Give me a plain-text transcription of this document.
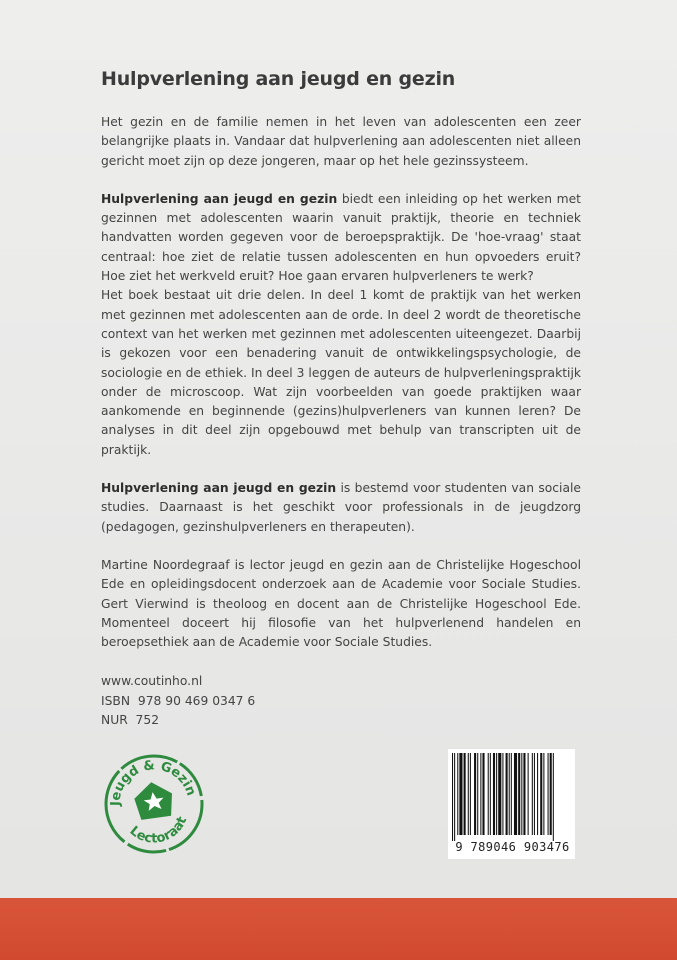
Hulpverlening aan jeugd en gezin

Het gezin en de familie nemen in het leven van adolescenten een zeer belangrijke plaats in. Vandaar dat hulpverlening aan adolescenten niet alleen gericht moet zijn op deze jongeren, maar op het hele gezinssysteem.

Hulpverlening aan jeugd en gezin biedt een inleiding op het werken met gezinnen met adolescenten waarin vanuit praktijk, theorie en techniek handvatten worden gegeven voor de beroepspraktijk. De 'hoe-vraag' staat centraal: hoe ziet de relatie tussen adolescenten en hun opvoeders eruit? Hoe ziet het werkveld eruit? Hoe gaan ervaren hulpverleners te werk?

Het boek bestaat uit drie delen. In deel 1 komt de praktijk van het werken met gezinnen met adolescenten aan de orde. In deel 2 wordt de theoretische context van het werken met gezinnen met adolescenten uiteengezet. Daarbij is gekozen voor een benadering vanuit de ontwikkelingspsychologie, de sociologie en de ethiek. In deel 3 leggen de auteurs de hulpverleningspraktijk onder de microscoop. Wat zijn voorbeelden van goede praktijken waar aankomende en beginnende (gezins)hulpverleners van kunnen leren? De analyses in dit deel zijn opgebouwd met behulp van transcripten uit de praktijk.

Hulpverlening aan jeugd en gezin is bestemd voor studenten van sociale studies. Daarnaast is het geschikt voor professionals in de jeugdzorg (pedagogen, gezinshulpverleners en therapeuten).

Martine Noordegraaf is lector jeugd en gezin aan de Christelijke Hogeschool Ede en opleidingsdocent onderzoek aan de Academie voor Sociale Studies. Gert Vierwind is theoloog en docent aan de Christelijke Hogeschool Ede. Momenteel doceert hij filosofie van het hulpverlenend handelen en beroepsethiek aan de Academie voor Sociale Studies.

www.coutinho.nl
ISBN  978 90 469 0347 6
NUR  752
Jeugd & Gezin
Lectoraat
9 789046 903476
